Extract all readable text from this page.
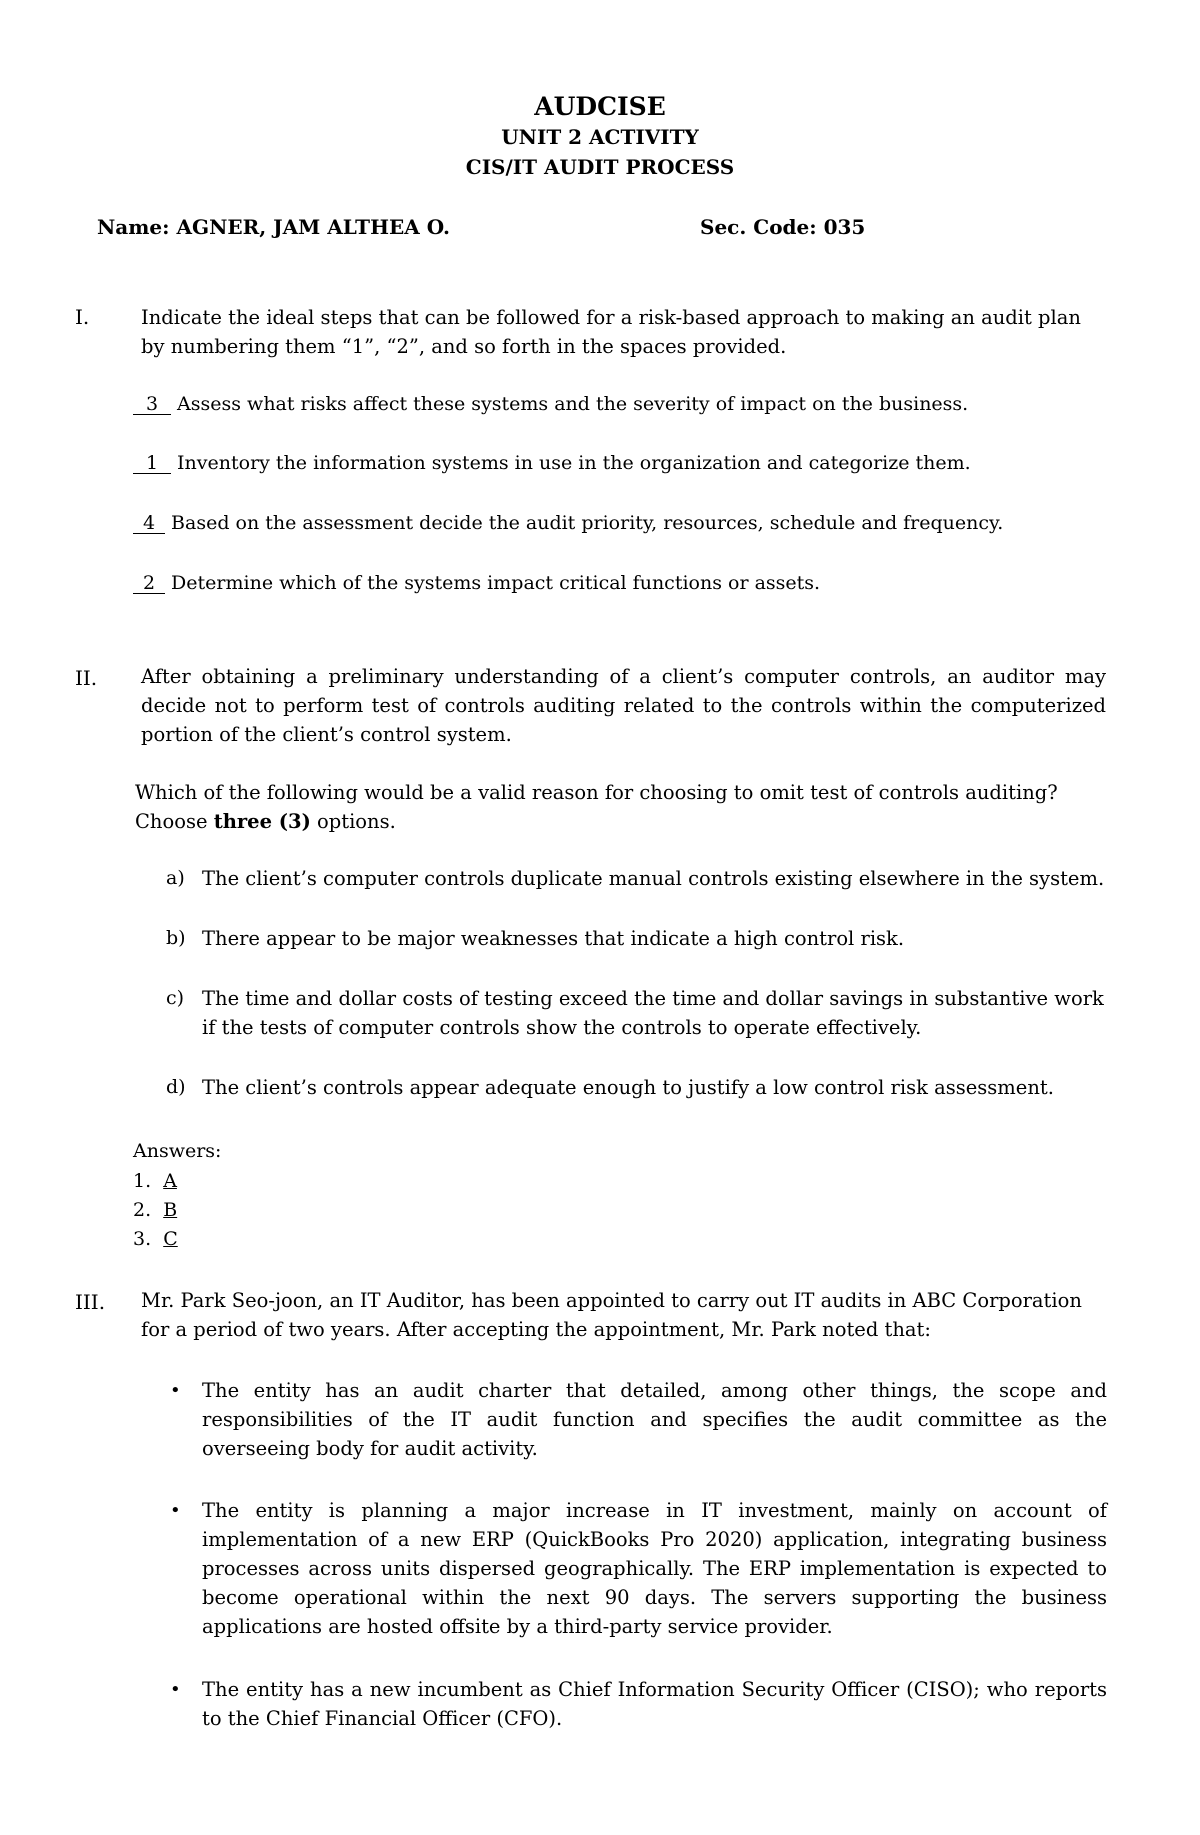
AUDCISE
UNIT 2 ACTIVITY
CIS/IT AUDIT PROCESS
Name: AGNER, JAM ALTHEA O.	Sec. Code: 035
I.	Indicate the ideal steps that can be followed for a risk-based approach to making an audit plan by numbering them “1”, “2”, and so forth in the spaces provided.
3 Assess what risks affect these systems and the severity of impact on the business.
1 Inventory the information systems in use in the organization and categorize them.
4 Based on the assessment decide the audit priority, resources, schedule and frequency.
2 Determine which of the systems impact critical functions or assets.
II. After obtaining a preliminary understanding of a client’s computer controls, an auditor may decide not to perform test of controls auditing related to the controls within the computerized portion of the client’s control system.
Which of the following would be a valid reason for choosing to omit test of controls auditing? Choose three (3) options.
a) The client’s computer controls duplicate manual controls existing elsewhere in the system.
b) There appear to be major weaknesses that indicate a high control risk.
c) The time and dollar costs of testing exceed the time and dollar savings in substantive work if the tests of computer controls show the controls to operate effectively.
d) The client’s controls appear adequate enough to justify a low control risk assessment.
Answers:
1. A
2. B
3. C
III. Mr. Park Seo-joon, an IT Auditor, has been appointed to carry out IT audits in ABC Corporation for a period of two years. After accepting the appointment, Mr. Park noted that:
• The entity has an audit charter that detailed, among other things, the scope and responsibilities of the IT audit function and specifies the audit committee as the overseeing body for audit activity.
• The entity is planning a major increase in IT investment, mainly on account of implementation of a new ERP (QuickBooks Pro 2020) application, integrating business processes across units dispersed geographically. The ERP implementation is expected to become operational within the next 90 days. The servers supporting the business applications are hosted offsite by a third-party service provider.
• The entity has a new incumbent as Chief Information Security Officer (CISO); who reports to the Chief Financial Officer (CFO).
